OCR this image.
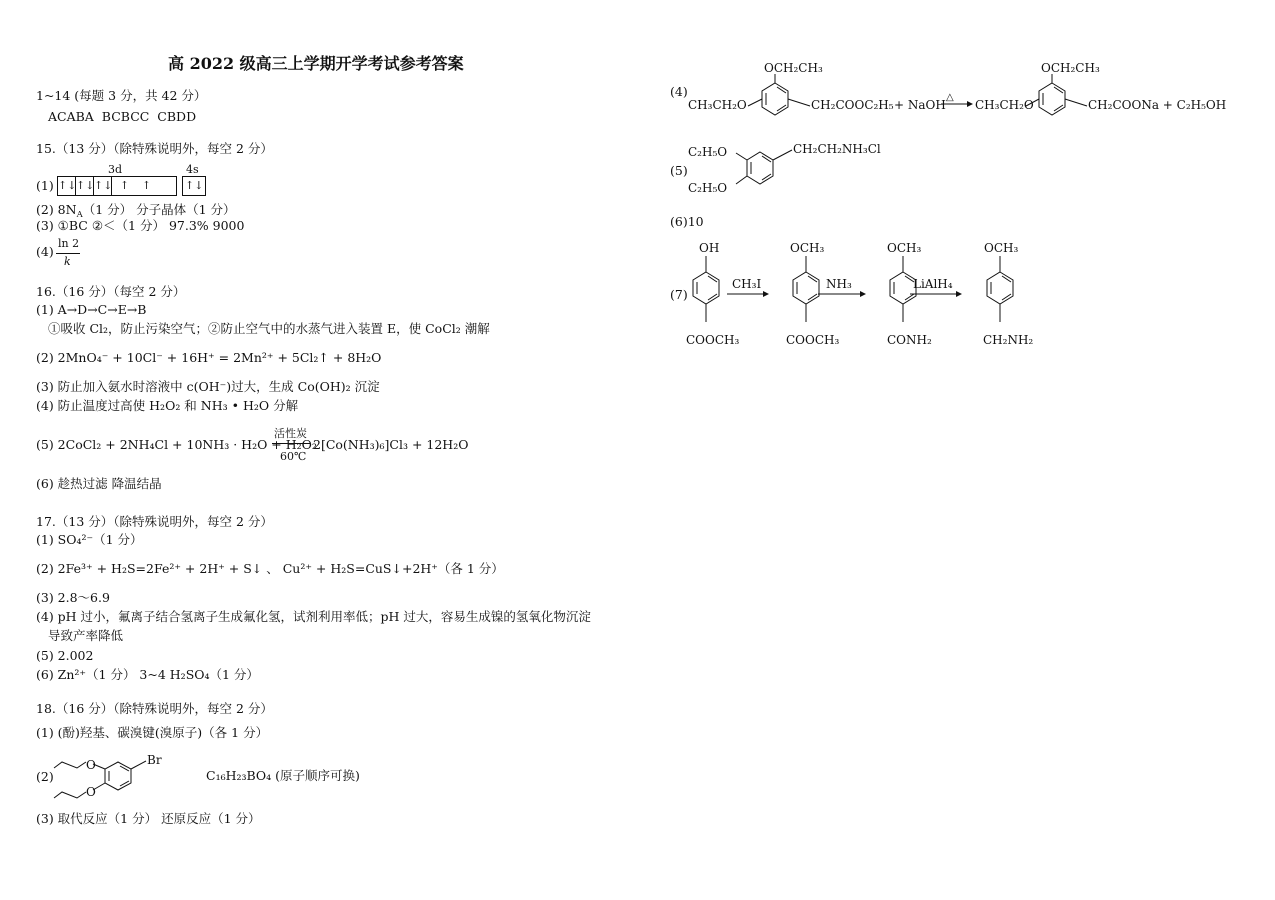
高 2022 级高三上学期开学考试参考答案
1~14 (每题 3 分，共 42 分）
ACABA BCBCC CBDD
15.（13 分）（除特殊说明外，每空 2 分）
3d	4s
(1) ↑↓ ↑↓ ↑↓ ↑	↑	↑↓
(2) $8N_A(1$ 分） 分子晶体（1 分）
(3) ①BC ②＜（1 分） 97.3% 9000
(4)
ln 2
k
16.（16 分）（每空 2 分）
(1) A→D→C→E→B
①吸收 Cl₂，防止污染空气；②防止空气中的水蒸气进入装置 E，使 CoCl₂ 潮解
(2) 2MnO₄⁻ + 10Cl⁻ + 16H⁺ = 2Mn²⁺ + 5Cl₂↑ + 8H₂O
(3) 防止加入氨水时溶液中 c(OH⁻)过大，生成 Co(OH)₂ 沉淀
(4) 防止温度过高使 H₂O₂ 和 NH₃ • H₂O 分解
(5) 2CoCl₂ + 2NH₄Cl + 10NH₃ · H₂O + H₂O₂
活性炭
60℃
2[Co(NH₃)₆]Cl₃ + 12H₂O
(6) 趁热过滤 降温结晶
17.（13 分）（除特殊说明外，每空 2 分）
(1) SO₄²⁻（1 分）
(2) 2Fe³⁺ + H₂S=2Fe²⁺ + 2H⁺ + S↓ 、 Cu²⁺ + H₂S=CuS↓+2H⁺（各 1 分）
(3) 2.8～6.9
(4) pH 过小，氟离子结合氢离子生成氟化氢，试剂利用率低；pH 过大，容易生成镍的氢氧化物沉淀
导致产率降低
(5) 2.002
(6) Zn²⁺（1 分） 3~4 H₂SO₄（1 分）
18.（16 分）（除特殊说明外，每空 2 分）
(1) (酚)羟基、碳溴键(溴原子)（各 1 分）
(2)
Br
O
O
C₁₆H₂₃BO₄ (原子顺序可换)
(3) 取代反应（1 分） 还原反应（1 分）
(4)
OCH₂CH₃
CH₃CH₂O	CH₂COOC₂H₅ + NaOH
△
OCH₂CH₃
CH₃CH₂O	CH₂COONa + C₂H₅OH
(5)
C₂H₅O
C₂H₅O
CH₂CH₂NH₃Cl
(6)10
(7)
OH
COOCH₃
CH₃I
OCH₃
COOCH₃
NH₃
OCH₃
CONH₂
LiAlH₄
OCH₃
CH₂NH₂
